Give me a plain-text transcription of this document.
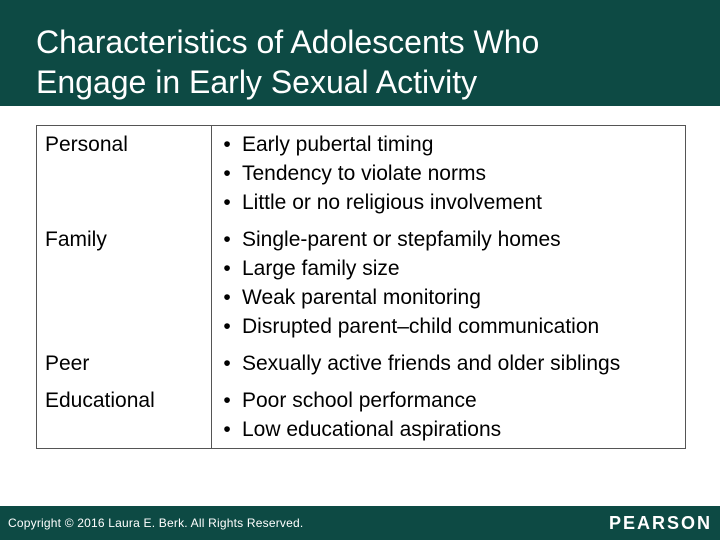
Characteristics of Adolescents Who
Engage in Early Sexual Activity
Personal	• Early pubertal timing
• Tendency to violate norms
• Little or no religious involvement
Family	• Single-parent or stepfamily homes
• Large family size
• Weak parental monitoring
• Disrupted parent–child communication
Peer	• Sexually active friends and older siblings
Educational	• Poor school performance
• Low educational aspirations
Copyright © 2016 Laura E. Berk. All Rights Reserved.	PEARSON
